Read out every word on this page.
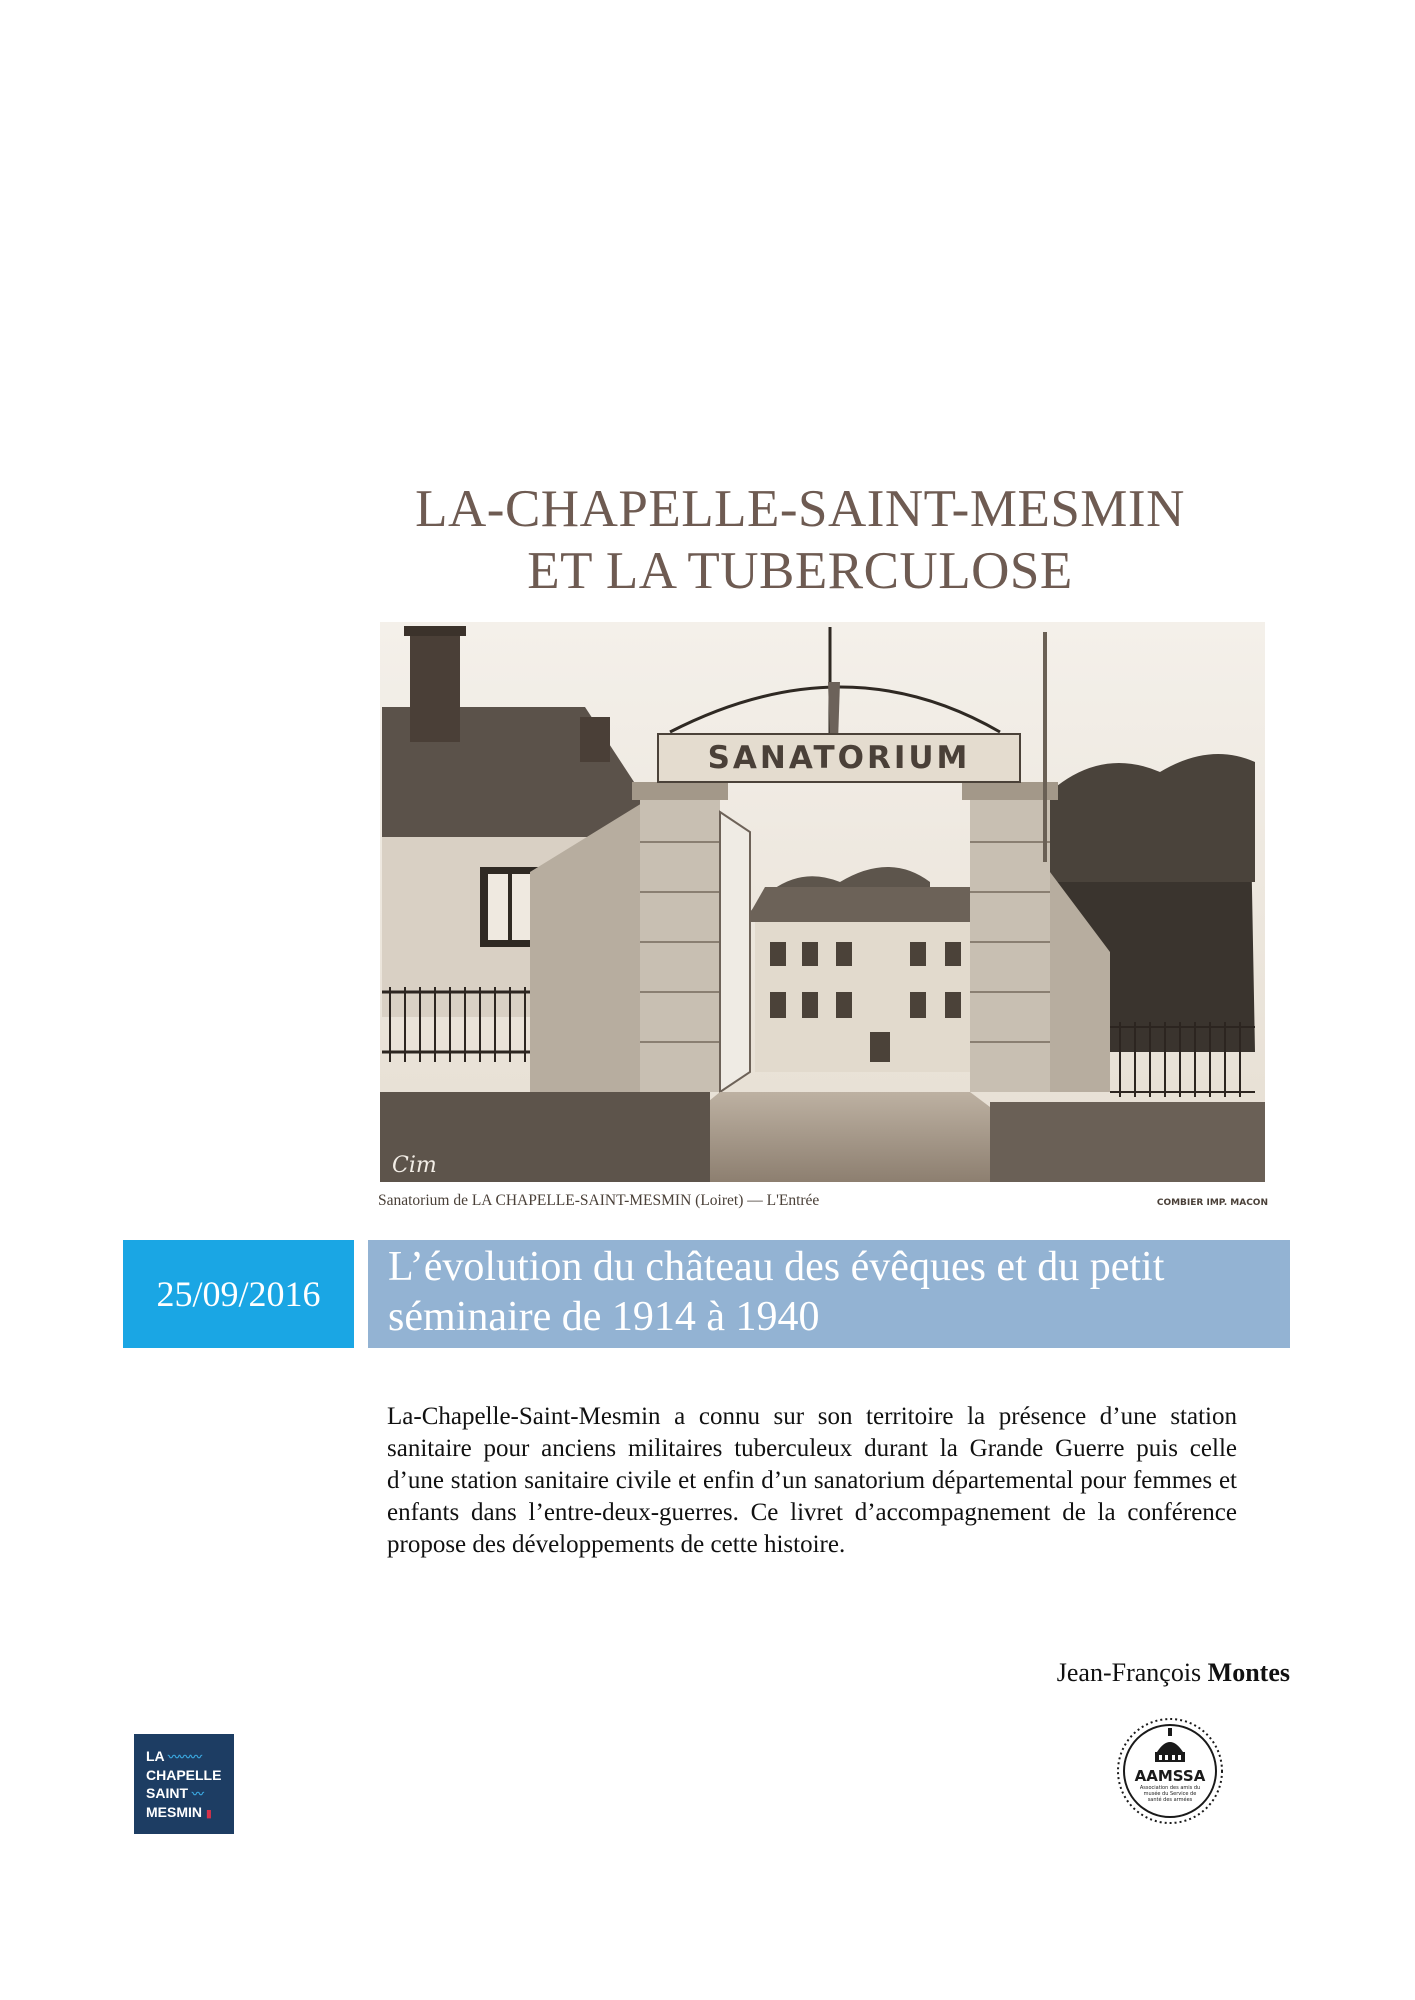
LA-CHAPELLE-SAINT-MESMIN
ET LA TUBERCULOSE
SANATORIUM
Cim
Sanatorium de LA CHAPELLE-SAINT-MESMIN (Loiret) — L'Entrée	COMBIER IMP. MACON
25/09/2016
L’évolution du château des évêques et du petit
séminaire de 1914 à 1940
La-Chapelle-Saint-Mesmin a connu sur son territoire la présence d’une station sanitaire pour anciens militaires tuberculeux durant la Grande Guerre puis celle d’une station sanitaire civile et enfin d’un sanatorium départemental pour femmes et enfants dans l’entre-deux-guerres. Ce livret d’accompagnement de la conférence propose des développements de cette histoire.
Jean-François Montes
LA 〰〰〰
CHAPELLE
SAINT 〰
MESMIN ▮
AAMSSA
Association des amis du musée du Service de santé des armées
